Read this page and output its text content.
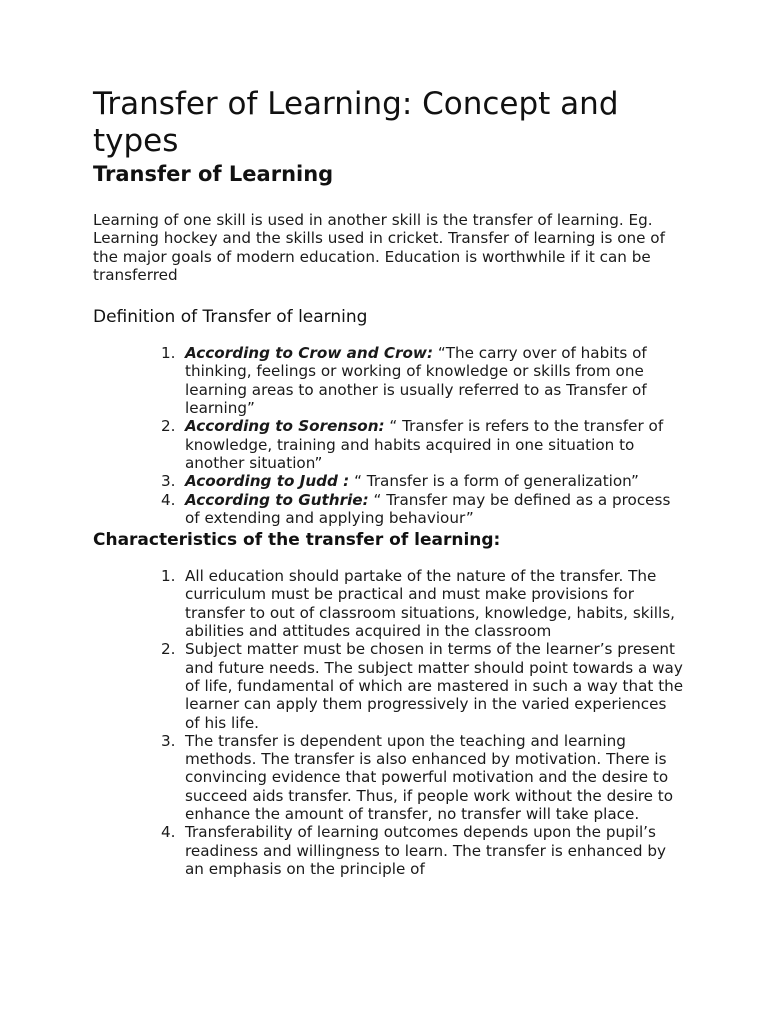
Transfer of Learning: Concept and types
Transfer of Learning

Learning of one skill is used in another skill is the transfer of learning. Eg. Learning hockey and the skills used in cricket. Transfer of learning is one of the major goals of modern education. Education is worthwhile if it can be transferred

Definition of Transfer of learning
1. According to Crow and Crow: “The carry over of habits of thinking, feelings or working of knowledge or skills from one learning areas to another is usually referred to as Transfer of learning”
2. According to Sorenson: “ Transfer is refers to the transfer of knowledge, training and habits acquired in one situation to another situation”
3. Acoording to Judd : “ Transfer is a form of generalization”
4. According to Guthrie: “ Transfer may be defined as a process of extending and applying behaviour”
Characteristics of the transfer of learning:
1. All education should partake of the nature of the transfer. The curriculum must be practical and must make provisions for transfer to out of classroom situations, knowledge, habits, skills, abilities and attitudes acquired in the classroom
2. Subject matter must be chosen in terms of the learner’s present and future needs. The subject matter should point towards a way of life, fundamental of which are mastered in such a way that the learner can apply them progressively in the varied experiences of his life.
3. The transfer is dependent upon the teaching and learning methods. The transfer is also enhanced by motivation. There is convincing evidence that powerful motivation and the desire to succeed aids transfer. Thus, if people work without the desire to enhance the amount of transfer, no transfer will take place.
4. Transferability of learning outcomes depends upon the pupil’s readiness and willingness to learn. The transfer is enhanced by an emphasis on the principle of
